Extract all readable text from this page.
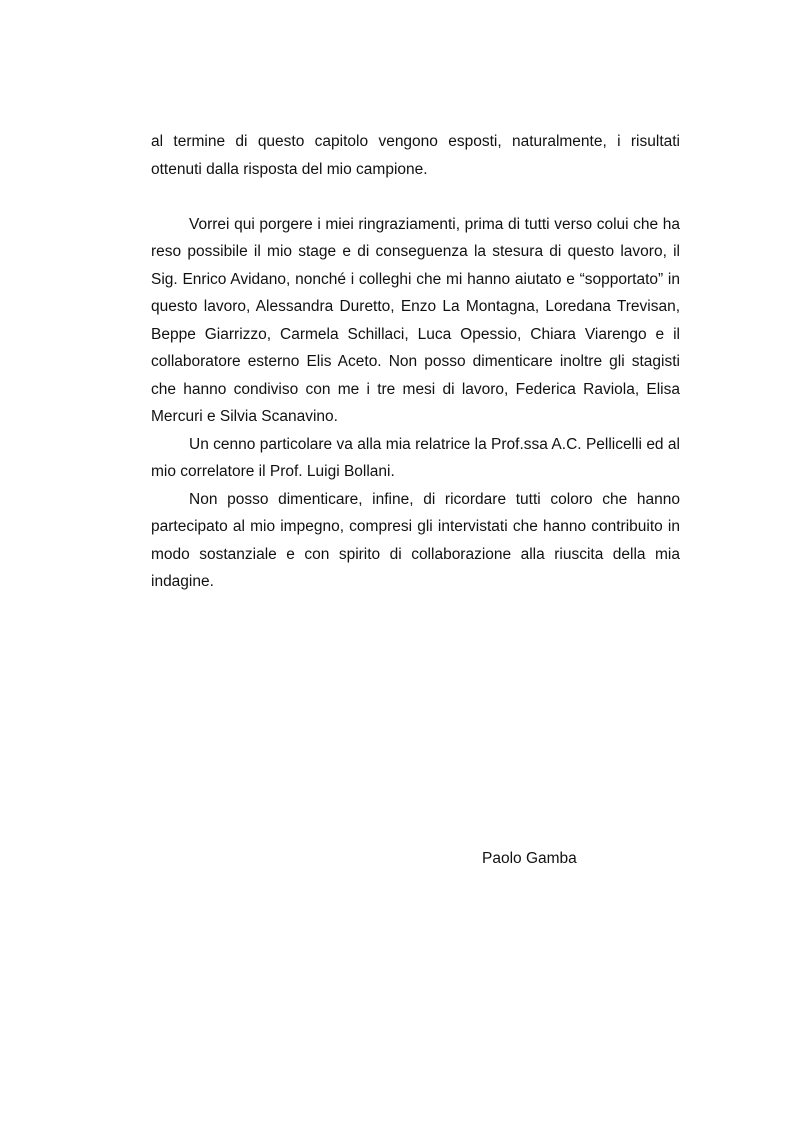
al termine di questo capitolo vengono esposti, naturalmente, i risultati ottenuti dalla risposta del mio campione.

Vorrei qui porgere i miei ringraziamenti, prima di tutti verso colui che ha reso possibile il mio stage e di conseguenza la stesura di questo lavoro, il Sig. Enrico Avidano, nonché i colleghi che mi hanno aiutato e “sopportato” in questo lavoro, Alessandra Duretto, Enzo La Montagna, Loredana Trevisan, Beppe Giarrizzo, Carmela Schillaci, Luca Opessio, Chiara Viarengo e il collaboratore esterno Elis Aceto. Non posso dimenticare inoltre gli stagisti che hanno condiviso con me i tre mesi di lavoro, Federica Raviola, Elisa Mercuri e Silvia Scanavino.

Un cenno particolare va alla mia relatrice la Prof.ssa A.C. Pellicelli ed al mio correlatore il Prof. Luigi Bollani.

Non posso dimenticare, infine, di ricordare tutti coloro che hanno partecipato al mio impegno, compresi gli intervistati che hanno contribuito in modo sostanziale e con spirito di collaborazione alla riuscita della mia indagine.

Paolo Gamba
